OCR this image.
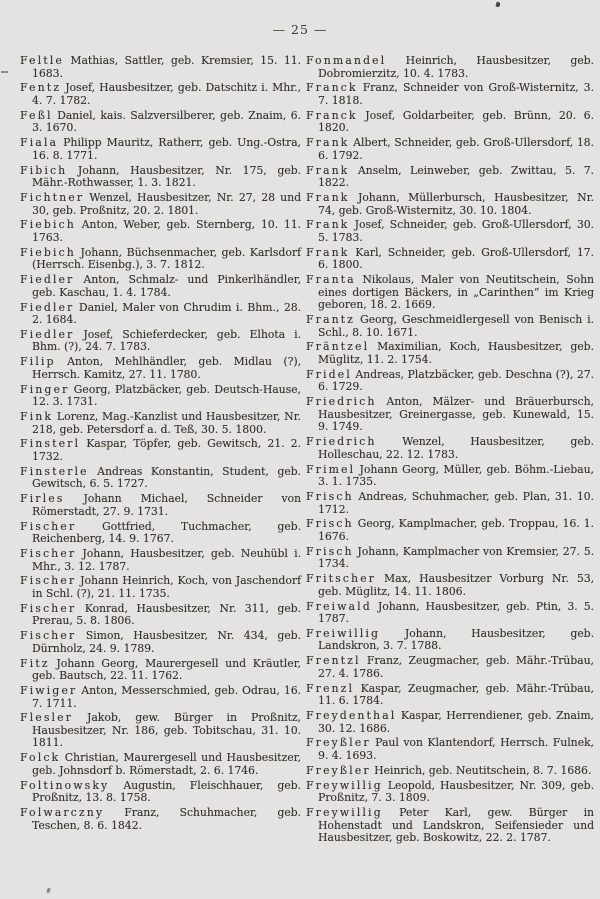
— 25 —

Feltle Mathias, Sattler, geb. Kremsier, 15. 11. 1683.

Fentz Josef, Hausbesitzer, geb. Datschitz i. Mhr., 4. 7. 1782.

Feßl Daniel, kais. Salzversilberer, geb. Znaim, 6. 3. 1670.

Fiala Philipp Mauritz, Ratherr, geb. Ung.-Ostra, 16. 8. 1771.

Fibich Johann, Hausbesitzer, Nr. 175, geb. Mähr.-Rothwasser, 1. 3. 1821.

Fichtner Wenzel, Hausbesitzer, Nr. 27, 28 und 30, geb. Proßnitz, 20. 2. 1801.

Fiebich Anton, Weber, geb. Sternberg, 10. 11. 1763.

Fiebich Johann, Büchsenmacher, geb. Karlsdorf (Herrsch. Eisenbg.), 3. 7. 1812.

Fiedler Anton, Schmalz- und Pinkerlhändler, geb. Kaschau, 1. 4. 1784.

Fiedler Daniel, Maler von Chrudim i. Bhm., 28. 2. 1684.

Fiedler Josef, Schieferdecker, geb. Elhota i. Bhm. (?), 24. 7. 1783.

Filip Anton, Mehlhändler, geb. Midlau (?), Herrsch. Kamitz, 27. 11. 1780.

Finger Georg, Platzbäcker, geb. Deutsch-Hause, 12. 3. 1731.

Fink Lorenz, Mag.-Kanzlist und Hausbesitzer, Nr. 218, geb. Petersdorf a. d. Teß, 30. 5. 1800.

Finsterl Kaspar, Töpfer, geb. Gewitsch, 21. 2. 1732.

Finsterle Andreas Konstantin, Student, geb. Gewitsch, 6. 5. 1727.

Firles Johann Michael, Schneider von Römerstadt, 27. 9. 1731.

Fischer Gottfried, Tuchmacher, geb. Reichenberg, 14. 9. 1767.

Fischer Johann, Hausbesitzer, geb. Neuhübl i. Mhr., 3. 12. 1787.

Fischer Johann Heinrich, Koch, von Jaschendorf in Schl. (?), 21. 11. 1735.

Fischer Konrad, Hausbesitzer, Nr. 311, geb. Prerau, 5. 8. 1806.

Fischer Simon, Hausbesitzer, Nr. 434, geb. Dürnholz, 24. 9. 1789.

Fitz Johann Georg, Maurergesell und Kräutler, geb. Bautsch, 22. 11. 1762.

Fiwiger Anton, Messerschmied, geb. Odrau, 16. 7. 1711.

Flesler Jakob, gew. Bürger in Proßnitz, Hausbesitzer, Nr. 186, geb. Tobitschau, 31. 10. 1811.

Folck Christian, Maurergesell und Hausbesitzer, geb. Johnsdorf b. Römerstadt, 2. 6. 1746.

Foltinowsky Augustin, Fleischhauer, geb. Proßnitz, 13. 8. 1758.

Folwarczny Franz, Schuhmacher, geb. Teschen, 8. 6. 1842.

Fonmandel Heinrich, Hausbesitzer, geb. Dobromierzitz, 10. 4. 1783.

Franck Franz, Schneider von Groß-Wisternitz, 3. 7. 1818.

Franck Josef, Goldarbeiter, geb. Brünn, 20. 6. 1820.

Frank Albert, Schneider, geb. Groß-Ullersdorf, 18. 6. 1792.

Frank Anselm, Leinweber, geb. Zwittau, 5. 7. 1822.

Frank Johann, Müllerbursch, Hausbesitzer, Nr. 74, geb. Groß-Wisternitz, 30. 10. 1804.

Frank Josef, Schneider, geb. Groß-Ullersdorf, 30. 5. 1783.

Frank Karl, Schneider, geb. Groß-Ullersdorf, 17. 6. 1800.

Franta Nikolaus, Maler von Neutitschein, Sohn eines dortigen Bäckers, in „Carinthen“ im Krieg geboren, 18. 2. 1669.

Frantz Georg, Geschmeidlergesell von Benisch i. Schl., 8. 10. 1671.

Fräntzel Maximilian, Koch, Hausbesitzer, geb. Müglitz, 11. 2. 1754.

Fridel Andreas, Platzbäcker, geb. Deschna (?), 27. 6. 1729.

Friedrich Anton, Mälzer- und Bräuerbursch, Hausbesitzer, Greinergasse, geb. Kunewald, 15. 9. 1749.

Friedrich Wenzel, Hausbesitzer, geb. Holleschau, 22. 12. 1783.

Frimel Johann Georg, Müller, geb. Böhm.-Liebau, 3. 1. 1735.

Frisch Andreas, Schuhmacher, geb. Plan, 31. 10. 1712.

Frisch Georg, Kamplmacher, geb. Troppau, 16. 1. 1676.

Frisch Johann, Kamplmacher von Kremsier, 27. 5. 1734.

Fritscher Max, Hausbesitzer Vorburg Nr. 53, geb. Müglitz, 14. 11. 1806.

Freiwald Johann, Hausbesitzer, geb. Ptin, 3. 5. 1787.

Freiwillig Johann, Hausbesitzer, geb. Landskron, 3. 7. 1788.

Frentzl Franz, Zeugmacher, geb. Mähr.-Trübau, 27. 4. 1786.

Frenzl Kaspar, Zeugmacher, geb. Mähr.-Trübau, 11. 6. 1784.

Freydenthal Kaspar, Herrendiener, geb. Znaim, 30. 12. 1686.

Freyßler Paul von Klantendorf, Herrsch. Fulnek, 9. 4. 1693.

Freyßler Heinrich, geb. Neutitschein, 8. 7. 1686.

Freywillig Leopold, Hausbesitzer, Nr. 309, geb. Proßnitz, 7. 3. 1809.

Freywillig Peter Karl, gew. Bürger in Hohenstadt und Landskron, Seifensieder und Hausbesitzer, geb. Boskowitz, 22. 2. 1787.
